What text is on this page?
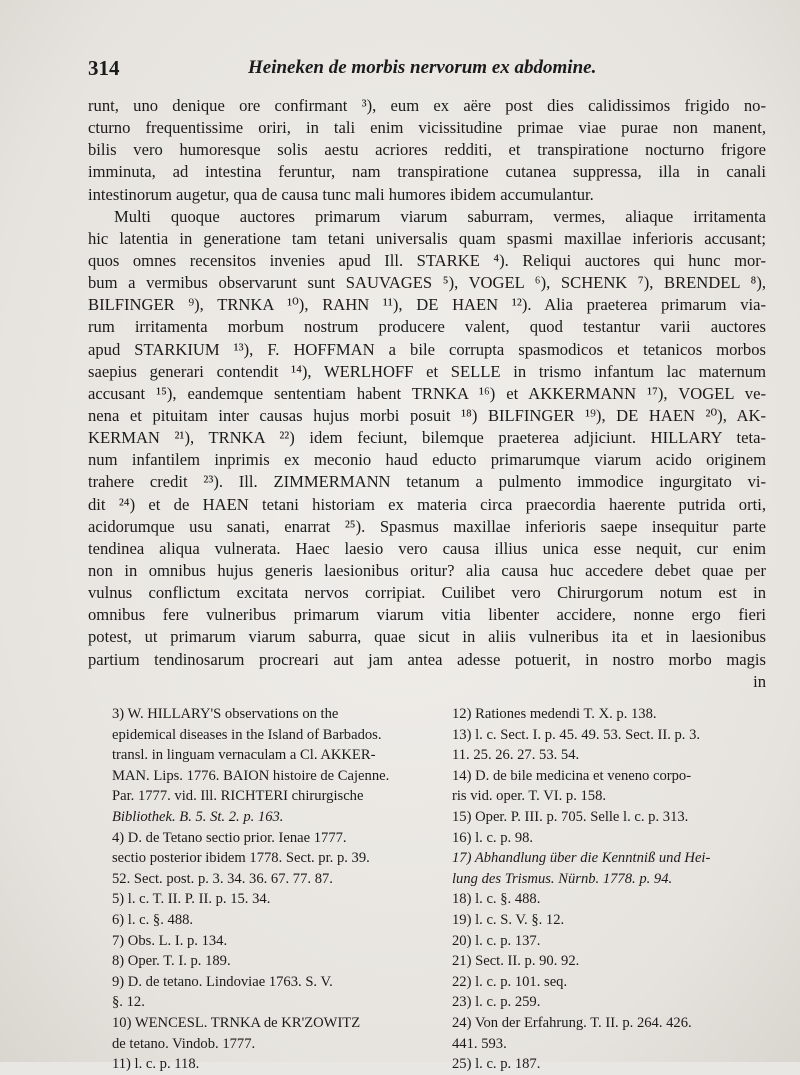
314	Heineken de morbis nervorum ex abdomine.
runt, uno denique ore confirmant ³), eum ex aëre post dies calidissimos frigido no-
cturno frequentissime oriri, in tali enim vicissitudine primae viae purae non manent,
bilis vero humoresque solis aestu acriores redditi, et transpiratione nocturno frigore
imminuta, ad intestina feruntur, nam transpiratione cutanea suppressa, illa in canali
intestinorum augetur, qua de causa tunc mali humores ibidem accumulantur.
Multi quoque auctores primarum viarum saburram, vermes, aliaque irritamenta
hic latentia in generatione tam tetani universalis quam spasmi maxillae inferioris accusant;
quos omnes recensitos invenies apud Ill. STARKE ⁴). Reliqui auctores qui hunc mor-
bum a vermibus observarunt sunt SAUVAGES ⁵), VOGEL ⁶), SCHENK ⁷), BRENDEL ⁸),
BILFINGER ⁹), TRNKA ¹⁰), RAHN ¹¹), DE HAEN ¹²). Alia praeterea primarum via-
rum irritamenta morbum nostrum producere valent, quod testantur varii auctores
apud STARKIUM ¹³), F. HOFFMAN a bile corrupta spasmodicos et tetanicos morbos
saepius generari contendit ¹⁴), WERLHOFF et SELLE in trismo infantum lac maternum
accusant ¹⁵), eandemque sententiam habent TRNKA ¹⁶) et AKKERMANN ¹⁷), VOGEL ve-
nena et pituitam inter causas hujus morbi posuit ¹⁸) BILFINGER ¹⁹), DE HAEN ²⁰), AK-
KERMAN ²¹), TRNKA ²²) idem feciunt, bilemque praeterea adjiciunt. HILLARY teta-
num infantilem inprimis ex meconio haud educto primarumque viarum acido originem
trahere credit ²³). Ill. ZIMMERMANN tetanum a pulmento immodice ingurgitato vi-
dit ²⁴) et de HAEN tetani historiam ex materia circa praecordia haerente putrida orti,
acidorumque usu sanati, enarrat ²⁵). Spasmus maxillae inferioris saepe insequitur parte
tendinea aliqua vulnerata. Haec laesio vero causa illius unica esse nequit, cur enim
non in omnibus hujus generis laesionibus oritur? alia causa huc accedere debet quae per
vulnus conflictum excitata nervos corripiat. Cuilibet vero Chirurgorum notum est in
omnibus fere vulneribus primarum viarum vitia libenter accidere, nonne ergo fieri
potest, ut primarum viarum saburra, quae sicut in aliis vulneribus ita et in laesionibus
partium tendinosarum procreari aut jam antea adesse potuerit, in nostro morbo magis
in
3) W. HILLARY'S observations on the
epidemical diseases in the Island of Barbados.
transl. in linguam vernaculam a Cl. AKKER-
MAN. Lips. 1776. BAION histoire de Cajenne.
Par. 1777. vid. Ill. RICHTERI chirurgische
Bibliothek. B. 5. St. 2. p. 163.
4) D. de Tetano sectio prior. Ienae 1777.
sectio posterior ibidem 1778. Sect. pr. p. 39.
52. Sect. post. p. 3. 34. 36. 67. 77. 87.
5) l. c. T. II. P. II. p. 15. 34.
6) l. c. §. 488.
7) Obs. L. I. p. 134.
8) Oper. T. I. p. 189.
9) D. de tetano. Lindoviae 1763. S. V.
§. 12.
10) WENCESL. TRNKA de KR'ZOWITZ
de tetano. Vindob. 1777.
11) l. c. p. 118.
12) Rationes medendi T. X. p. 138.
13) l. c. Sect. I. p. 45. 49. 53. Sect. II. p. 3.
11. 25. 26. 27. 53. 54.
14) D. de bile medicina et veneno corpo-
ris vid. oper. T. VI. p. 158.
15) Oper. P. III. p. 705. Selle l. c. p. 313.
16) l. c. p. 98.
17) Abhandlung über die Kenntniß und Hei-
lung des Trismus. Nürnb. 1778. p. 94.
18) l. c. §. 488.
19) l. c. S. V. §. 12.
20) l. c. p. 137.
21) Sect. II. p. 90. 92.
22) l. c. p. 101. seq.
23) l. c. p. 259.
24) Von der Erfahrung. T. II. p. 264. 426.
441. 593.
25) l. c. p. 187.
